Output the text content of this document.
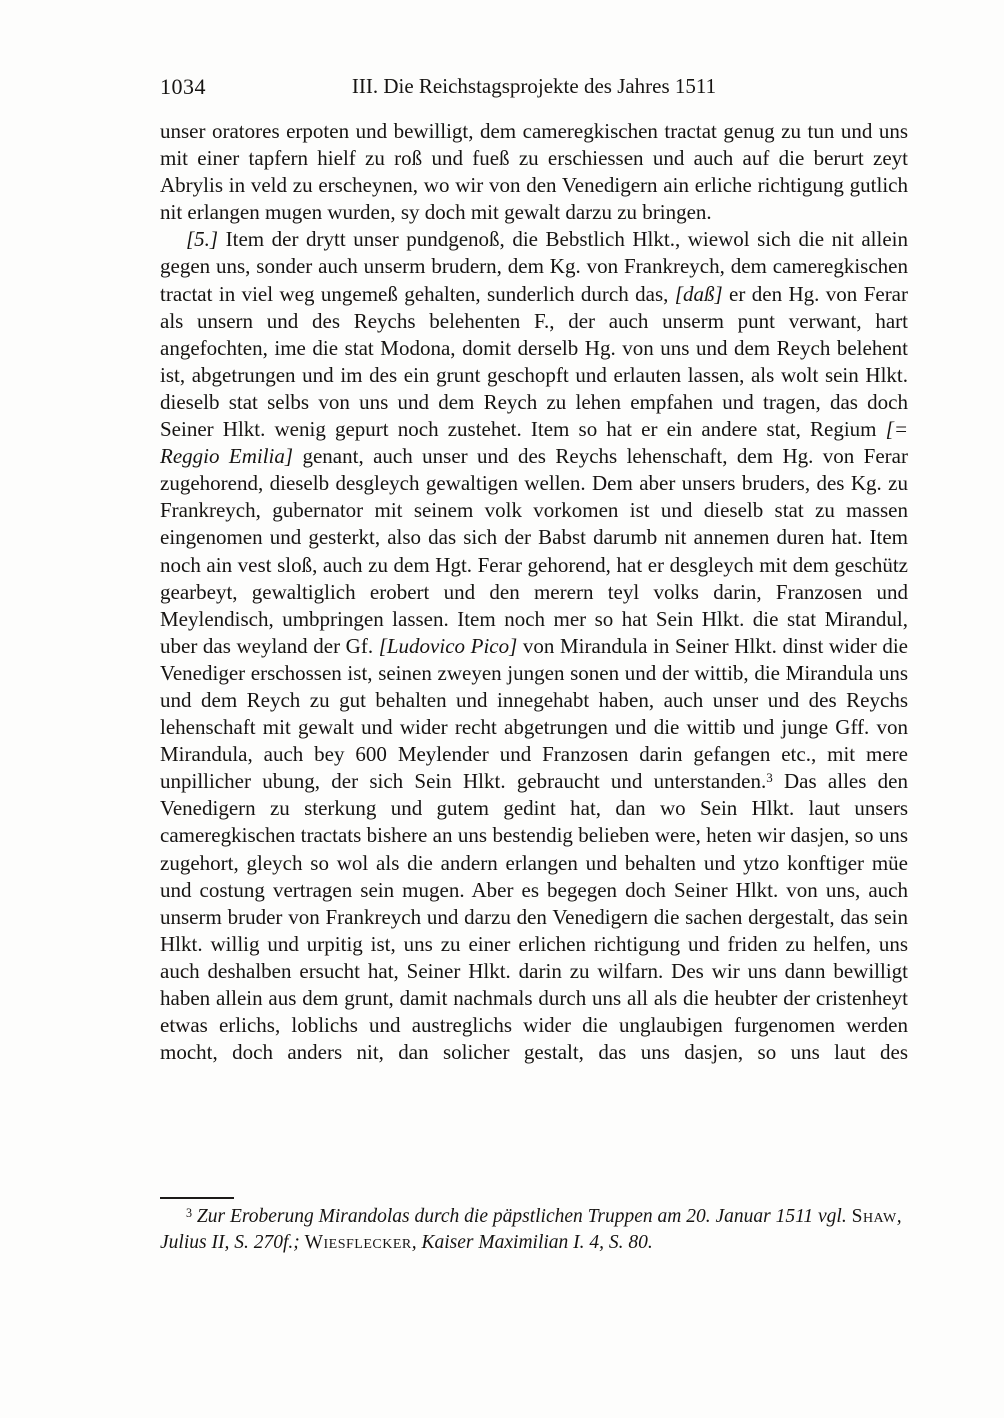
1034	III. Die Reichstagsprojekte des Jahres 1511

unser oratores erpoten und bewilligt, dem cameregkischen tractat genug zu tun und uns mit einer tapfern hielf zu roß und fueß zu erschiessen und auch auf die berurt zeyt Abrylis in veld zu erscheynen, wo wir von den Venedigern ain erliche richtigung gutlich nit erlangen mugen wurden, sy doch mit gewalt darzu zu bringen.

[5.] Item der drytt unser pundgenoß, die Bebstlich Hlkt., wiewol sich die nit allein gegen uns, sonder auch unserm brudern, dem Kg. von Frankreych, dem cameregkischen tractat in viel weg ungemeß gehalten, sunderlich durch das, [daß] er den Hg. von Ferar als unsern und des Reychs belehenten F., der auch unserm punt verwant, hart angefochten, ime die stat Modona, domit derselb Hg. von uns und dem Reych belehent ist, abgetrungen und im des ein grunt geschopft und erlauten lassen, als wolt sein Hlkt. dieselb stat selbs von uns und dem Reych zu lehen empfahen und tragen, das doch Seiner Hlkt. wenig gepurt noch zustehet. Item so hat er ein andere stat, Regium [= Reggio Emilia] genant, auch unser und des Reychs lehenschaft, dem Hg. von Ferar zugehorend, dieselb desgleych gewaltigen wellen. Dem aber unsers bruders, des Kg. zu Frankreych, gubernator mit seinem volk vorkomen ist und dieselb stat zu massen eingenomen und gesterkt, also das sich der Babst darumb nit annemen duren hat. Item noch ain vest sloß, auch zu dem Hgt. Ferar gehorend, hat er desgleych mit dem geschütz gearbeyt, gewaltiglich erobert und den merern teyl volks darin, Franzosen und Meylendisch, umbpringen lassen. Item noch mer so hat Sein Hlkt. die stat Mirandul, uber das weyland der Gf. [Ludovico Pico] von Mirandula in Seiner Hlkt. dinst wider die Venediger erschossen ist, seinen zweyen jungen sonen und der wittib, die Mirandula uns und dem Reych zu gut behalten und innegehabt haben, auch unser und des Reychs lehenschaft mit gewalt und wider recht abgetrungen und die wittib und junge Gff. von Mirandula, auch bey 600 Meylender und Franzosen darin gefangen etc., mit mere unpillicher ubung, der sich Sein Hlkt. gebraucht und unterstanden.$^3$ Das alles den Venedigern zu sterkung und gutem gedint hat, dan wo Sein Hlkt. laut unsers cameregkischen tractats bishere an uns bestendig belieben were, heten wir dasjen, so uns zugehort, gleych so wol als die andern erlangen und behalten und ytzo konftiger müe und costung vertragen sein mugen. Aber es begegen doch Seiner Hlkt. von uns, auch unserm bruder von Frankreych und darzu den Venedigern die sachen dergestalt, das sein Hlkt. willig und urpitig ist, uns zu einer erlichen richtigung und friden zu helfen, uns auch deshalben ersucht hat, Seiner Hlkt. darin zu wilfarn. Des wir uns dann bewilligt haben allein aus dem grunt, damit nachmals durch uns all als die heubter der cristenheyt etwas erlichs, loblichs und austreglichs wider die unglaubigen furgenomen werden mocht, doch anders nit, dan solicher gestalt, das uns dasjen, so uns laut des

$^3$ Zur Eroberung Mirandolas durch die päpstlichen Truppen am 20. Januar 1511 vgl. Shaw, Julius II, S. 270f.; Wiesflecker, Kaiser Maximilian I. 4, S. 80.
